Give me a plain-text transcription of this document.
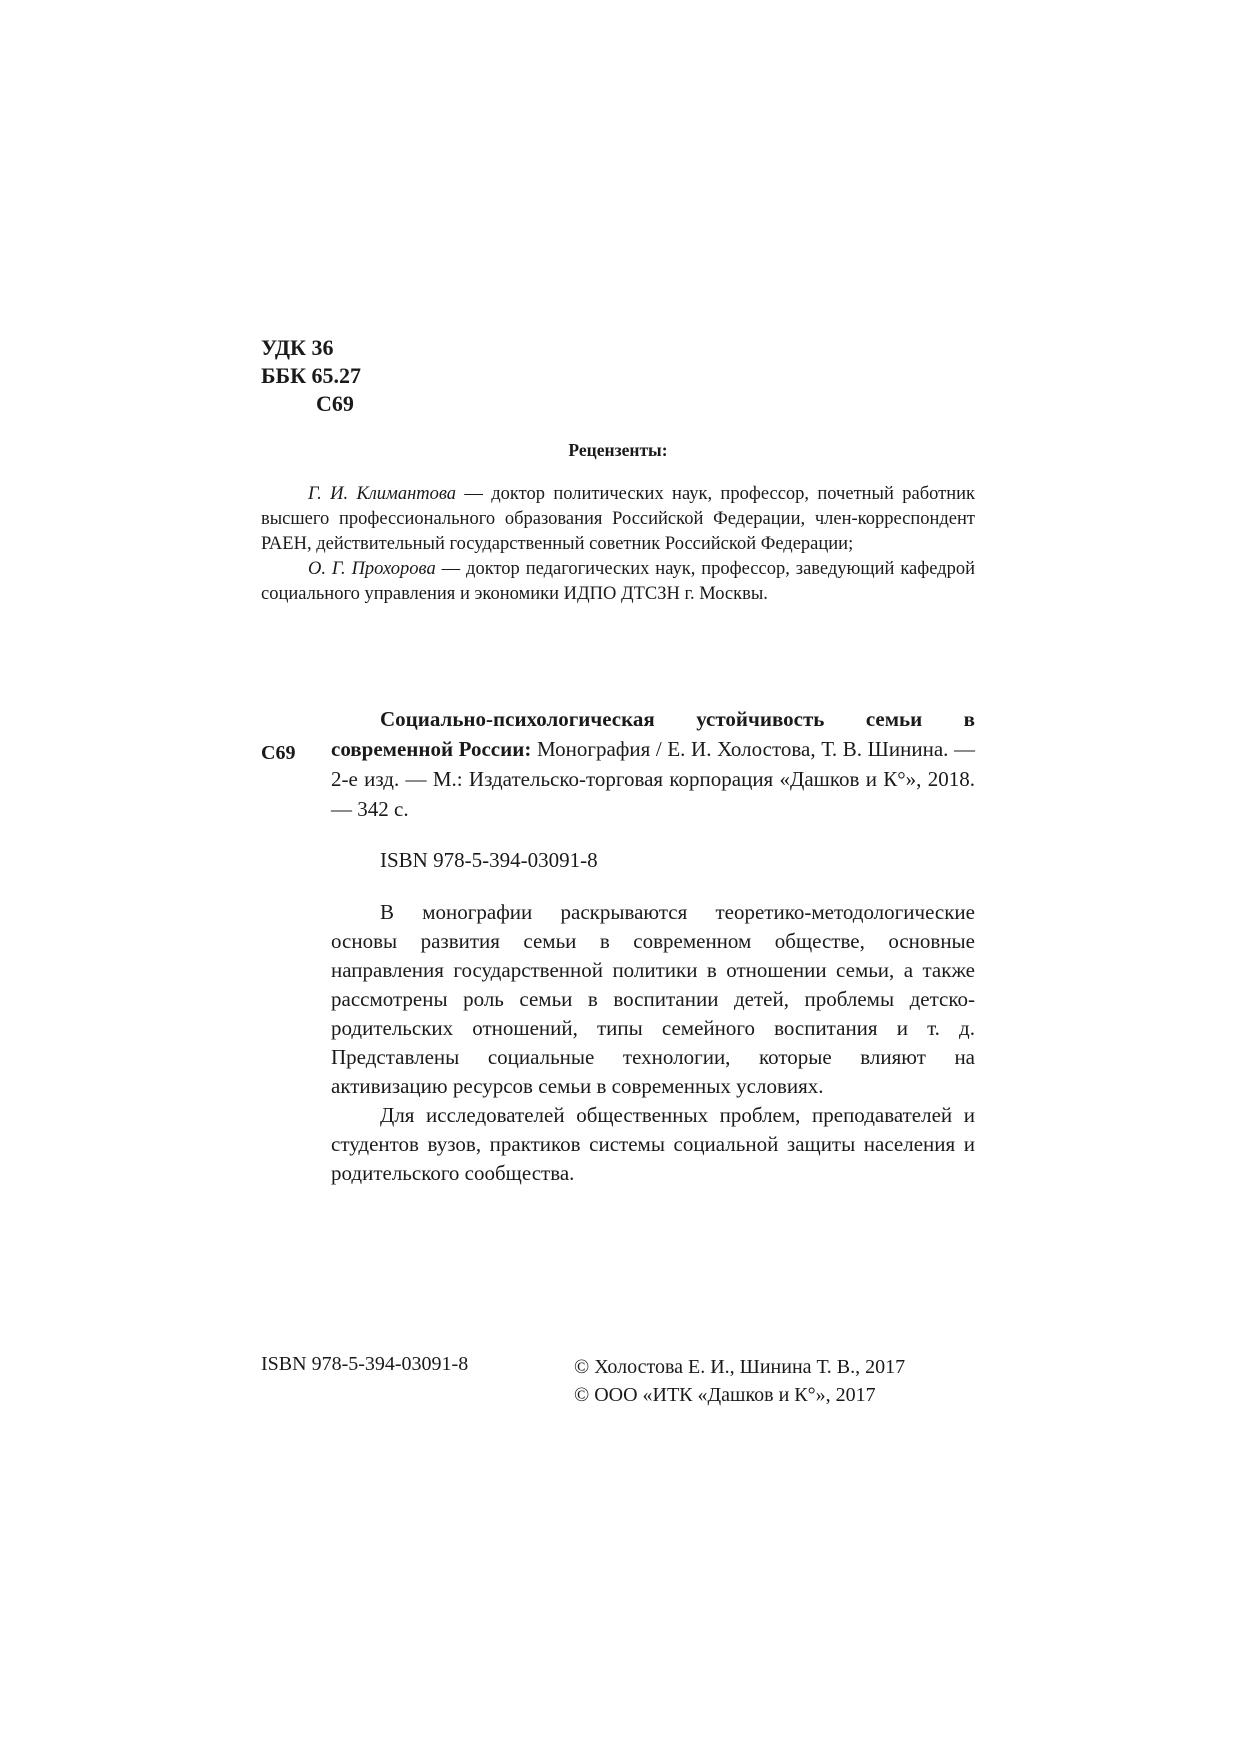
УДК 36
ББК 65.27
С69
Рецензенты:

Г. И. Климантова — доктор политических наук, профессор, почетный работник высшего профессионального образования Российской Федерации, член-корреспондент РАЕН, действительный государственный советник Российской Федерации;

О. Г. Прохорова — доктор педагогических наук, профессор, заведующий кафедрой социального управления и экономики ИДПО ДТСЗН г. Москвы.

С69

Социально-психологическая устойчивость семьи в современной России: Монография / Е. И. Холостова, Т. В. Шинина. — 2-е изд. — М.: Издательско-торговая корпорация «Дашков и К°», 2018. — 342 с.

ISBN 978-5-394-03091-8

В монографии раскрываются теоретико-методологические основы развития семьи в современном обществе, основные направления государственной политики в отношении семьи, а также рассмотрены роль семьи в воспитании детей, проблемы детско-родительских отношений, типы семейного воспитания и т. д. Представлены социальные технологии, которые влияют на активизацию ресурсов семьи в современных условиях.

Для исследователей общественных проблем, преподавателей и студентов вузов, практиков системы социальной защиты населения и родительского сообщества.

ISBN 978-5-394-03091-8	© Холостова Е. И., Шинина Т. В., 2017
© ООО «ИТК «Дашков и К°», 2017
